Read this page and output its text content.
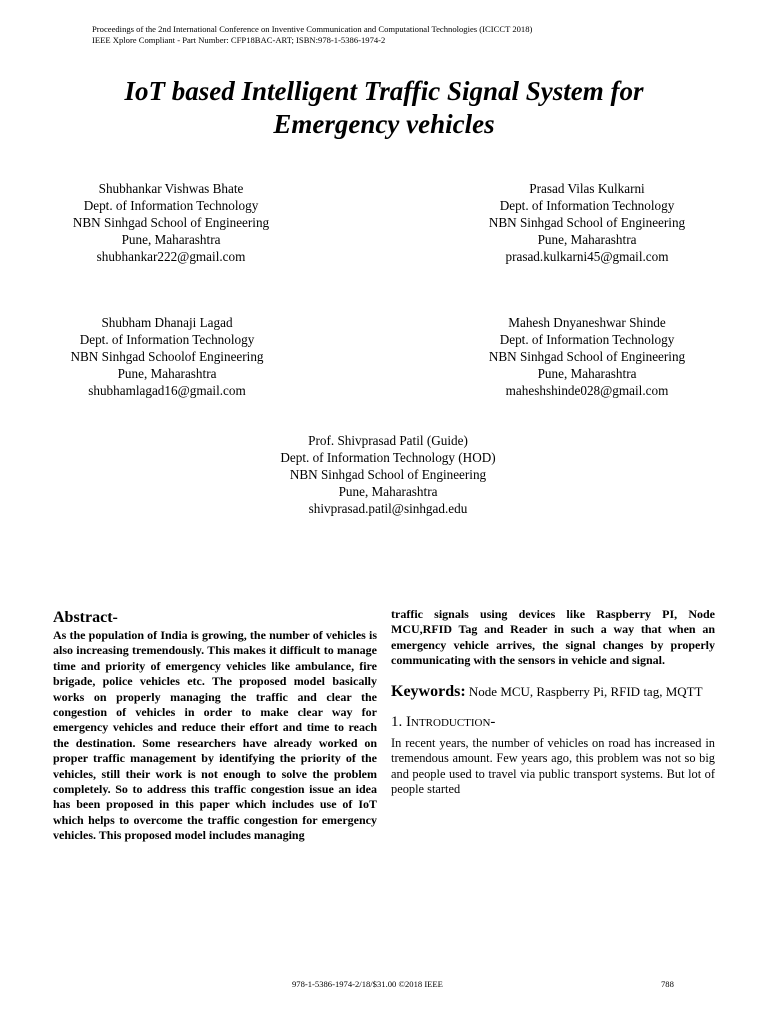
Proceedings of the 2nd International Conference on Inventive Communication and Computational Technologies (ICICCT 2018)
IEEE Xplore Compliant - Part Number: CFP18BAC-ART; ISBN:978-1-5386-1974-2
IoT based Intelligent Traffic Signal System for
Emergency vehicles
Shubhankar Vishwas Bhate
Dept. of Information Technology
NBN Sinhgad School of Engineering
Pune, Maharashtra
shubhankar222@gmail.com
Prasad Vilas Kulkarni
Dept. of Information Technology
NBN Sinhgad School of Engineering
Pune, Maharashtra
prasad.kulkarni45@gmail.com
Shubham Dhanaji Lagad
Dept. of Information Technology
NBN Sinhgad Schoolof Engineering
Pune, Maharashtra
shubhamlagad16@gmail.com
Mahesh Dnyaneshwar Shinde
Dept. of Information Technology
NBN Sinhgad School of Engineering
Pune, Maharashtra
maheshshinde028@gmail.com
Prof. Shivprasad Patil (Guide)
Dept. of Information Technology (HOD)
NBN Sinhgad School of Engineering
Pune, Maharashtra
shivprasad.patil@sinhgad.edu

Abstract-

As the population of India is growing, the number of vehicles is also increasing tremendously. This makes it difficult to manage time and priority of emergency vehicles like ambulance, fire brigade, police vehicles etc. The proposed model basically works on properly managing the traffic and clear the congestion of vehicles in order to make clear way for emergency vehicles and reduce their effort and time to reach the destination. Some researchers have already worked on proper traffic management by identifying the priority of the vehicles, still their work is not enough to solve the problem completely. So to address this traffic congestion issue an idea has been proposed in this paper which includes use of IoT which helps to overcome the traffic congestion for emergency vehicles. This proposed model includes managing

traffic signals using devices like Raspberry PI, Node MCU,RFID Tag and Reader in such a way that when an emergency vehicle arrives, the signal changes by properly communicating with the sensors in vehicle and signal.

Keywords: Node MCU, Raspberry Pi, RFID tag, MQTT
1. Introduction-

In recent years, the number of vehicles on road has increased in tremendous amount. Few years ago, this problem was not so big and people used to travel via public transport systems. But lot of people started

978-1-5386-1974-2/18/$31.00 ©2018 IEEE	788
